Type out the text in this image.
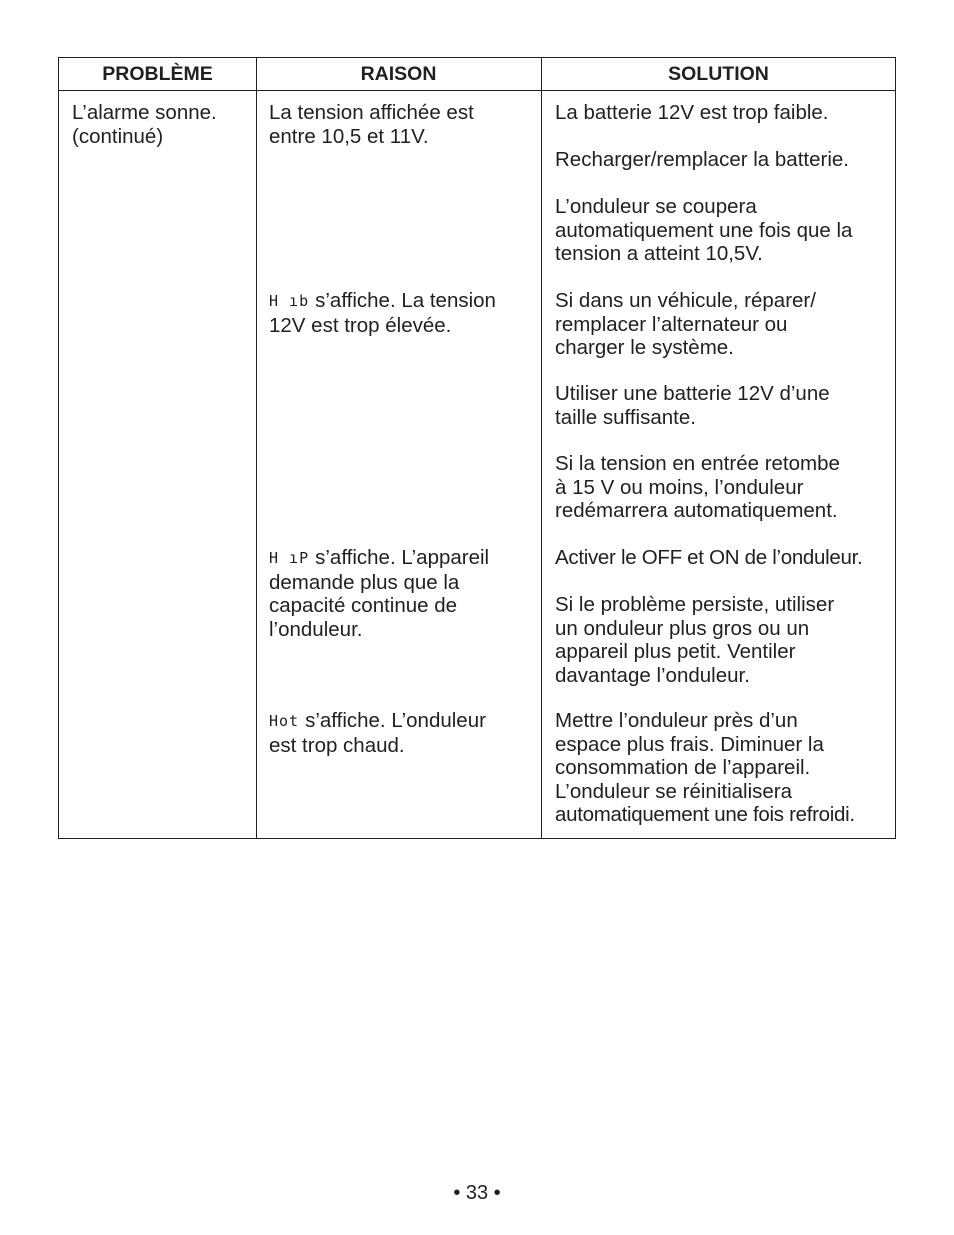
PROBLÈME	RAISON	SOLUTION
L’alarme sonne.
(continué)
La tension affichée est
entre 10,5 et 11V.
La batterie 12V est trop faible.
Recharger/remplacer la batterie.
L’onduleur se coupera
automatiquement une fois que la
tension a atteint 10,5V.
H ıb s’affiche. La tension
12V est trop élevée.
Si dans un véhicule, réparer/
remplacer l’alternateur ou
charger le système.
Utiliser une batterie 12V d’une
taille suffisante.
Si la tension en entrée retombe
à 15 V ou moins, l’onduleur
redémarrera automatiquement.
H ıP s’affiche. L’appareil
demande plus que la
capacité continue de
l’onduleur.
Activer le OFF et ON de l’onduleur.
Si le problème persiste, utiliser
un onduleur plus gros ou un
appareil plus petit. Ventiler
davantage l’onduleur.
Hot s’affiche. L’onduleur
est trop chaud.
Mettre l’onduleur près d’un
espace plus frais. Diminuer la
consommation de l’appareil.
L’onduleur se réinitialisera
automatiquement une fois refroidi.
• 33 •
